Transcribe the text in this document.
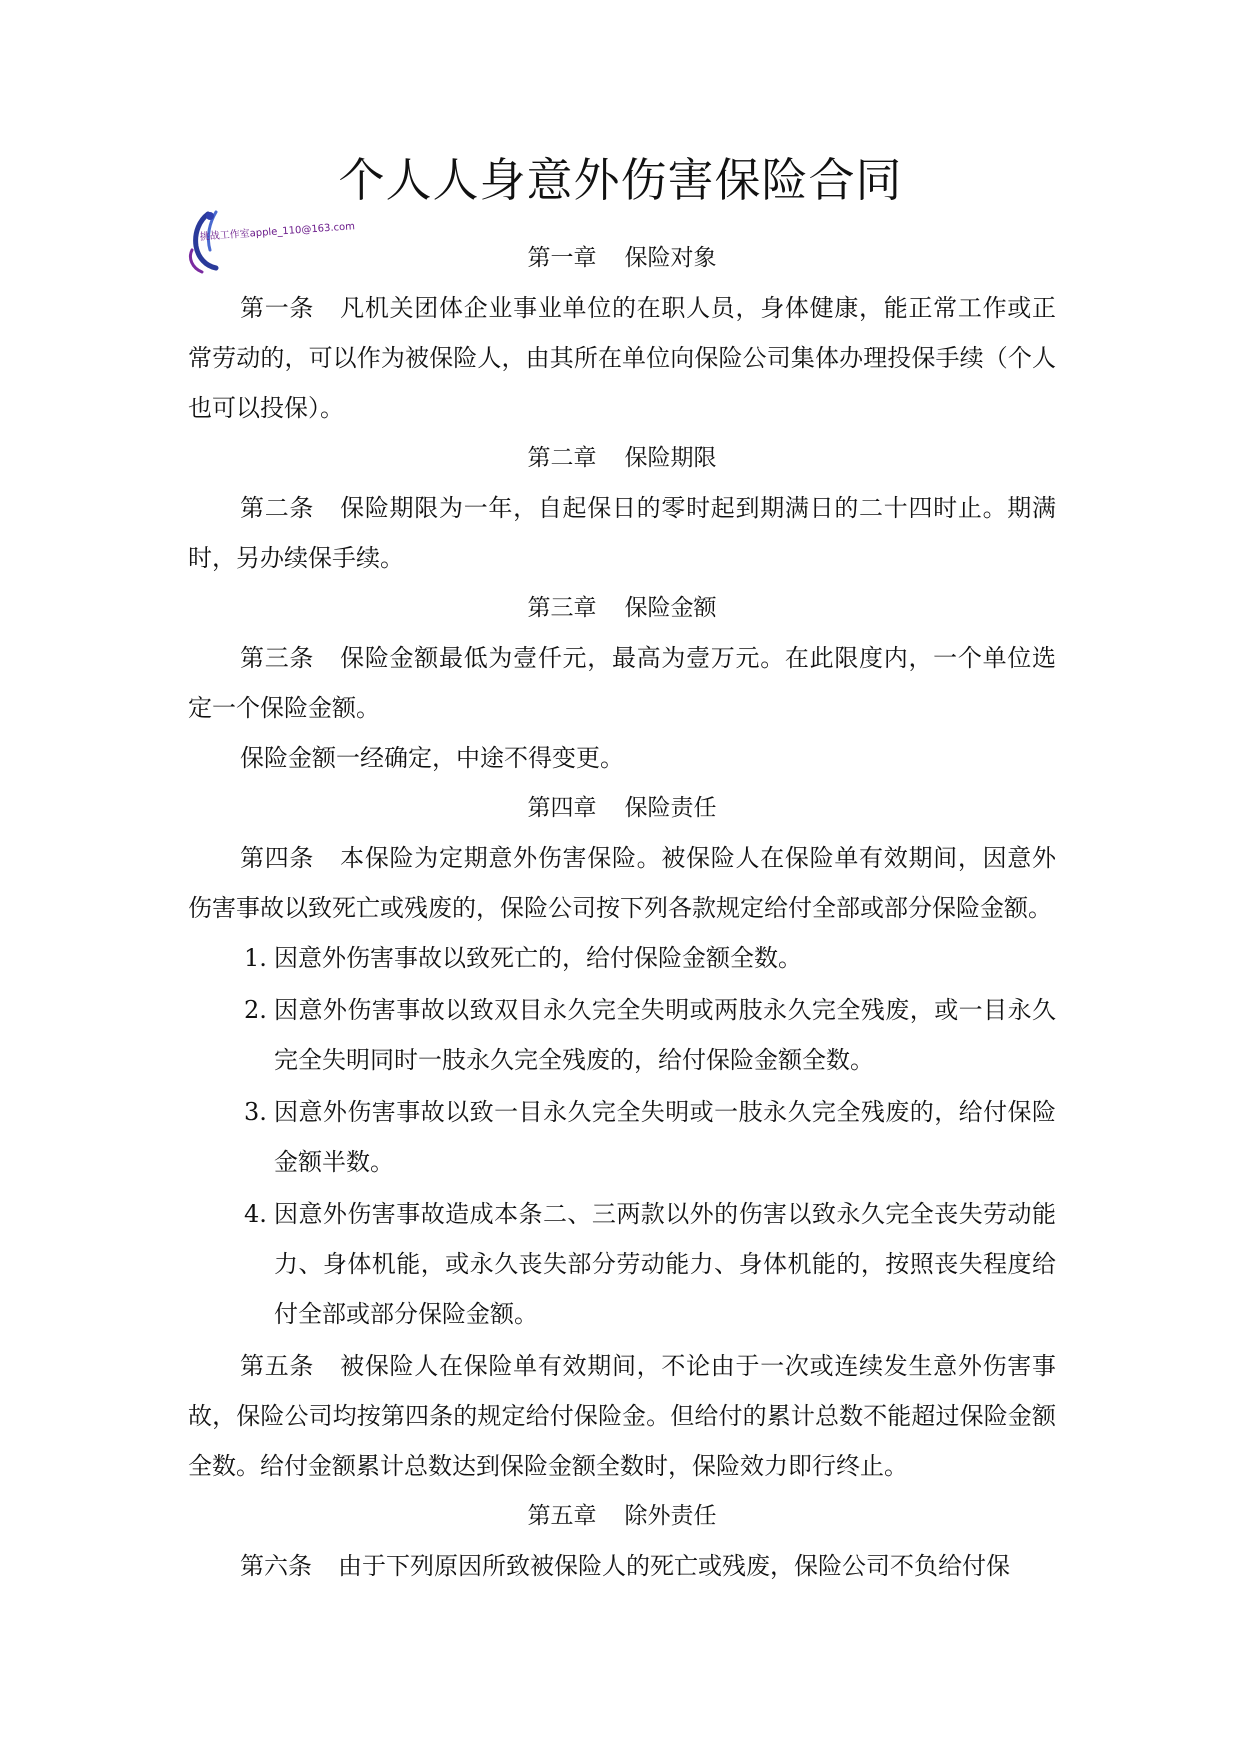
个人人身意外伤害保险合同
挑战工作室apple_110@163.com
第一章 保险对象

第一条 凡机关团体企业事业单位的在职人员，身体健康，能正常工作或正常劳动的，可以作为被保险人，由其所在单位向保险公司集体办理投保手续（个人也可以投保）。

第二章 保险期限

第二条 保险期限为一年，自起保日的零时起到期满日的二十四时止。期满时，另办续保手续。

第三章 保险金额

第三条 保险金额最低为壹仟元，最高为壹万元。在此限度内，一个单位选定一个保险金额。

保险金额一经确定，中途不得变更。

第四章 保险责任

第四条 本保险为定期意外伤害保险。被保险人在保险单有效期间，因意外伤害事故以致死亡或残废的，保险公司按下列各款规定给付全部或部分保险金额。

1. 因意外伤害事故以致死亡的，给付保险金额全数。
2. 因意外伤害事故以致双目永久完全失明或两肢永久完全残废，或一目永久完全失明同时一肢永久完全残废的，给付保险金额全数。
3. 因意外伤害事故以致一目永久完全失明或一肢永久完全残废的，给付保险金额半数。
4. 因意外伤害事故造成本条二、三两款以外的伤害以致永久完全丧失劳动能力、身体机能，或永久丧失部分劳动能力、身体机能的，按照丧失程度给付全部或部分保险金额。

第五条 被保险人在保险单有效期间，不论由于一次或连续发生意外伤害事故，保险公司均按第四条的规定给付保险金。但给付的累计总数不能超过保险金额全数。给付金额累计总数达到保险金额全数时，保险效力即行终止。

第五章 除外责任

第六条 由于下列原因所致被保险人的死亡或残废，保险公司不负给付保
